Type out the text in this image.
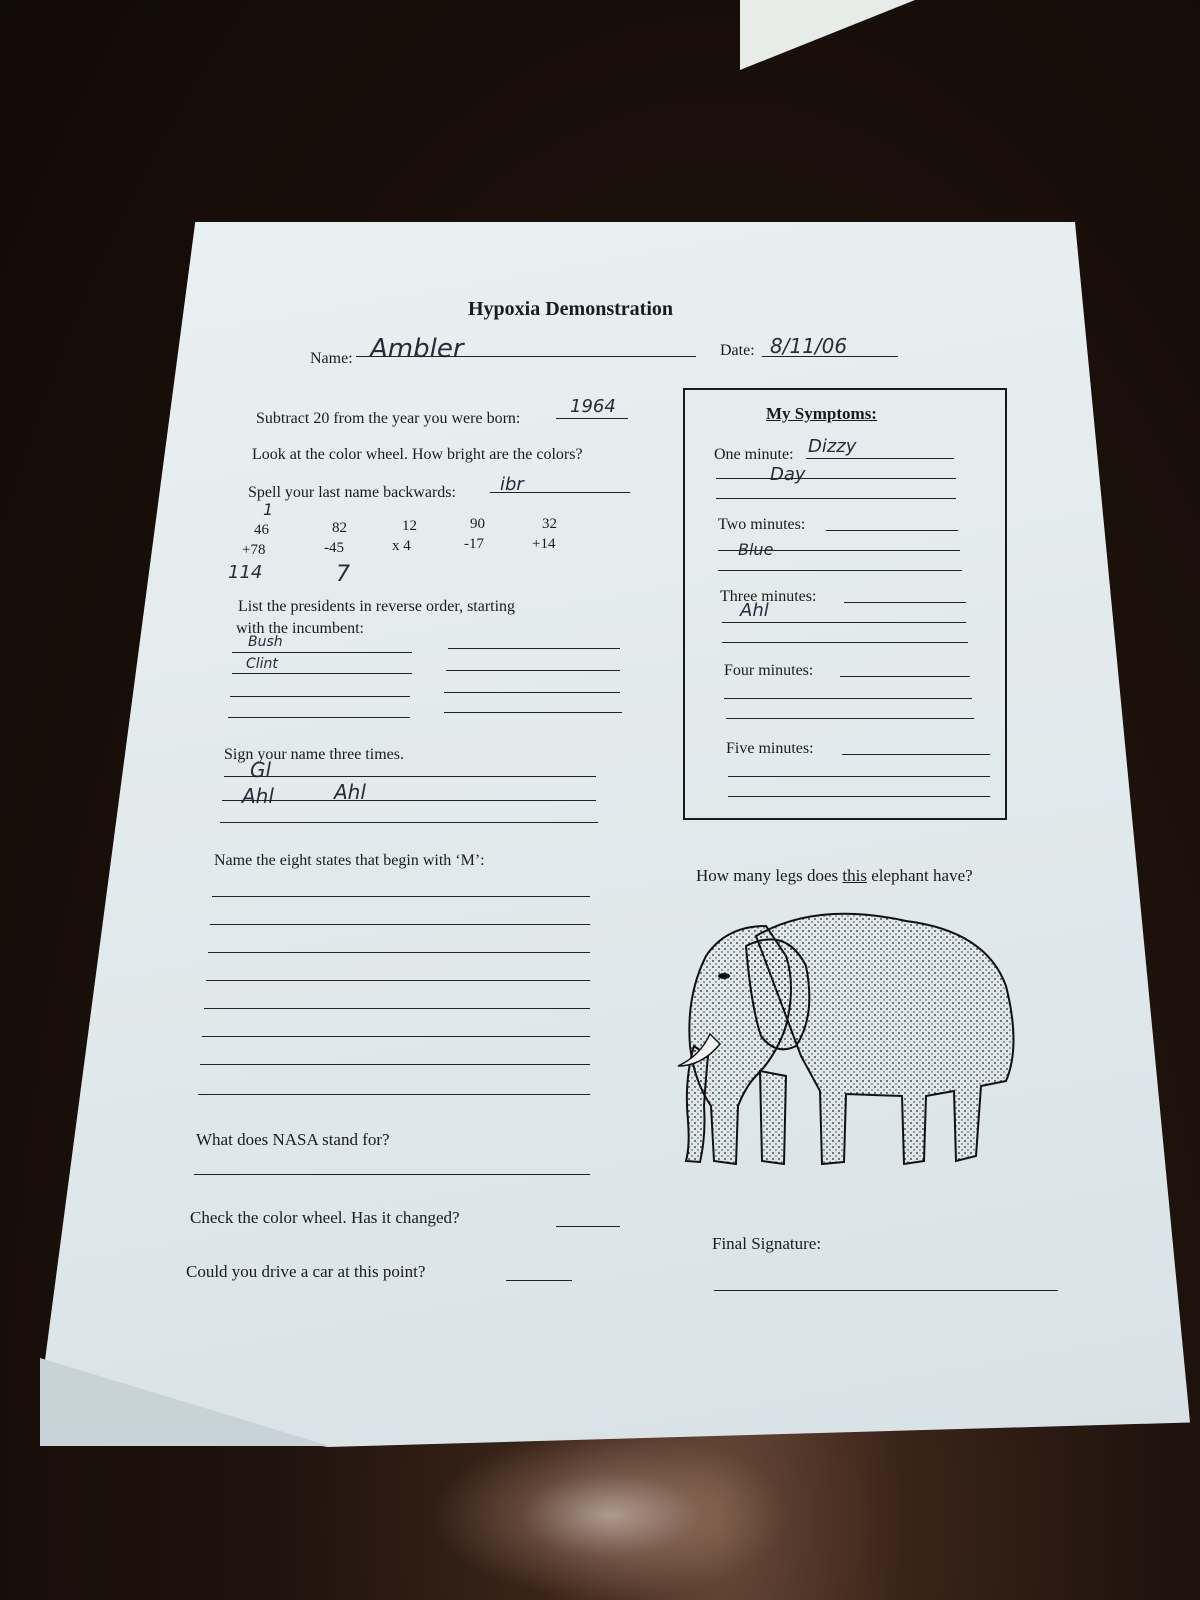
Hypoxia Demonstration
Name: Ambler	Date: 8/11/06
Subtract 20 from the year you were born:
1964
Look at the color wheel. How bright are the colors?
Spell your last name backwards: ibr
1
46
+78
114
82
-45
7
12
x 4
90
-17
32
+14
List the presidents in reverse order, starting
with the incumbent:
Bush
Clint
Sign your name three times.
Gl
Ahl	Ahl
Name the eight states that begin with ‘M’:
What does NASA stand for?
Check the color wheel. Has it changed?
Could you drive a car at this point?
My Symptoms:
One minute: Dizzy
Day
Two minutes:
Blue
Three minutes:
Ahl
Four minutes:
Five minutes:
How many legs does this elephant have?
Final Signature:
